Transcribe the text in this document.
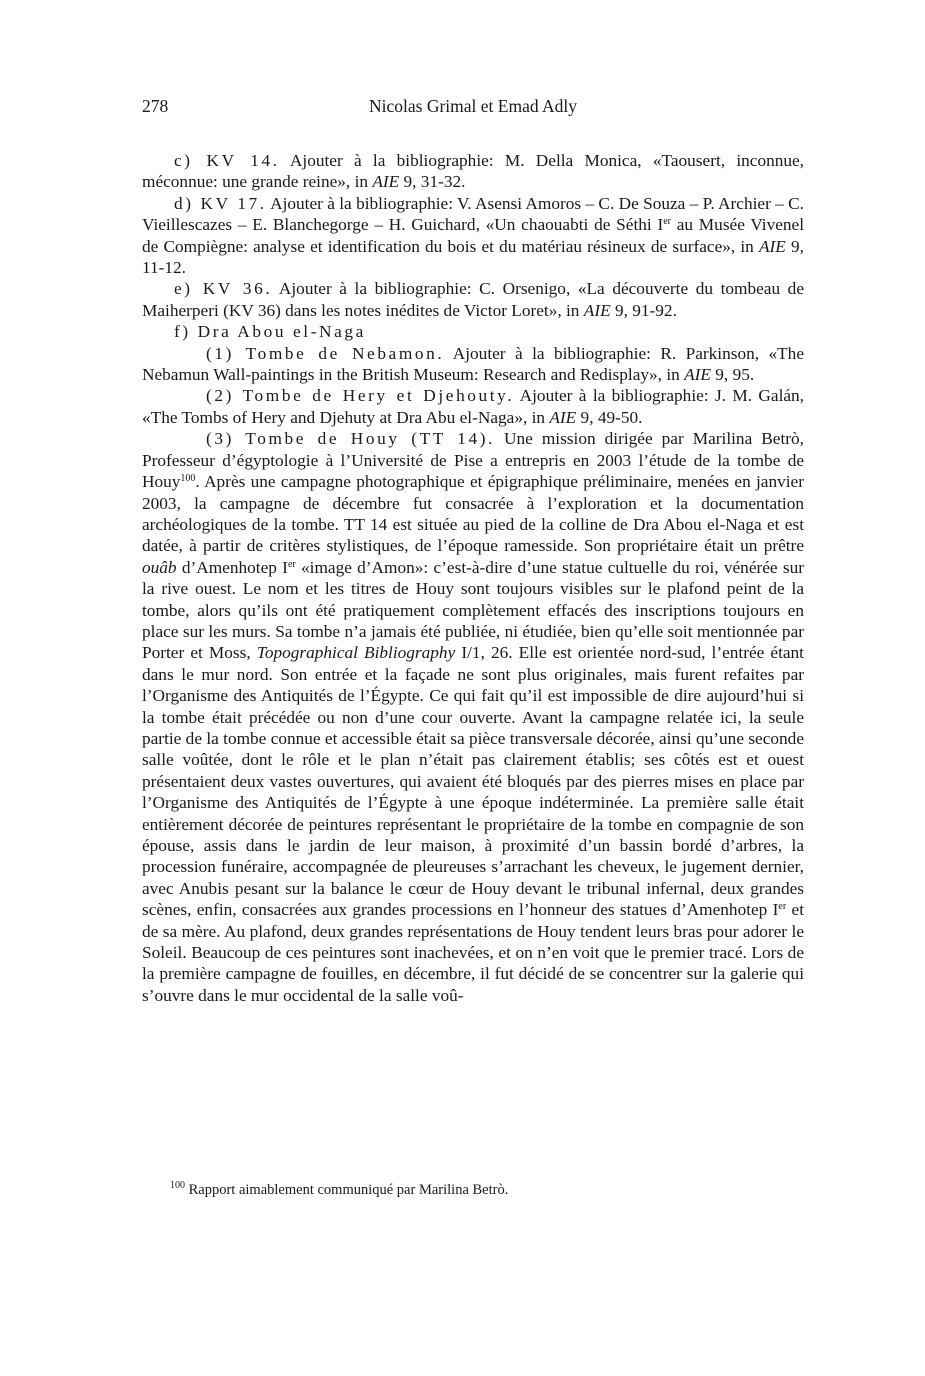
278	Nicolas Grimal et Emad Adly

c) KV 14. Ajouter à la bibliographie: M. Della Monica, «Taousert, inconnue, méconnue: une grande reine», in AIE 9, 31-32.

d) KV 17. Ajouter à la bibliographie: V. Asensi Amoros – C. De Souza – P. Archier – C. Vieillescazes – E. Blanchegorge – H. Guichard, «Un chaouabti de Séthi Ier au Musée Vivenel de Compiègne: analyse et identification du bois et du matériau résineux de surface», in AIE 9, 11-12.

e) KV 36. Ajouter à la bibliographie: C. Orsenigo, «La découverte du tombeau de Maiherperi (KV 36) dans les notes inédites de Victor Loret», in AIE 9, 91-92.

f) Dra Abou el-Naga

(1) Tombe de Nebamon. Ajouter à la bibliographie: R. Parkinson, «The Nebamun Wall-paintings in the British Museum: Research and Redisplay», in AIE 9, 95.

(2) Tombe de Hery et Djehouty. Ajouter à la bibliographie: J. M. Galán, «The Tombs of Hery and Djehuty at Dra Abu el-Naga», in AIE 9, 49-50.

(3) Tombe de Houy (TT 14). Une mission dirigée par Marilina Betrò, Professeur d’égyptologie à l’Université de Pise a entrepris en 2003 l’étude de la tombe de Houy$^{100}$. Après une campagne photographique et épigraphique préliminaire, menées en janvier 2003, la campagne de décembre fut consacrée à l’exploration et la documentation archéologiques de la tombe. TT 14 est située au pied de la colline de Dra Abou el-Naga et est datée, à partir de critères stylistiques, de l’époque ramesside. Son propriétaire était un prêtre ouâb d’Amenhotep Ier «image d’Amon»: c’est-à-dire d’une statue cultuelle du roi, vénérée sur la rive ouest. Le nom et les titres de Houy sont toujours visibles sur le plafond peint de la tombe, alors qu’ils ont été pratiquement complètement effacés des inscriptions toujours en place sur les murs. Sa tombe n’a jamais été publiée, ni étudiée, bien qu’elle soit mentionnée par Porter et Moss, Topographical Bibliography I/1, 26. Elle est orientée nord-sud, l’entrée étant dans le mur nord. Son entrée et la façade ne sont plus originales, mais furent refaites par l’Organisme des Antiquités de l’Égypte. Ce qui fait qu’il est impossible de dire aujourd’hui si la tombe était précédée ou non d’une cour ouverte. Avant la campagne relatée ici, la seule partie de la tombe connue et accessible était sa pièce transversale décorée, ainsi qu’une seconde salle voûtée, dont le rôle et le plan n’était pas clairement établis; ses côtés est et ouest présentaient deux vastes ouvertures, qui avaient été bloqués par des pierres mises en place par l’Organisme des Antiquités de l’Égypte à une époque indéterminée. La première salle était entièrement décorée de peintures représentant le propriétaire de la tombe en compagnie de son épouse, assis dans le jardin de leur maison, à proximité d’un bassin bordé d’arbres, la procession funéraire, accompagnée de pleureuses s’arrachant les cheveux, le jugement dernier, avec Anubis pesant sur la balance le cœur de Houy devant le tribunal infernal, deux grandes scènes, enfin, consacrées aux grandes processions en l’honneur des statues d’Amenhotep Ier et de sa mère. Au plafond, deux grandes représentations de Houy tendent leurs bras pour adorer le Soleil. Beaucoup de ces peintures sont inachevées, et on n’en voit que le premier tracé. Lors de la première campagne de fouilles, en décembre, il fut décidé de se concentrer sur la galerie qui s’ouvre dans le mur occidental de la salle voû-

$^{100}$ Rapport aimablement communiqué par Marilina Betrò.
